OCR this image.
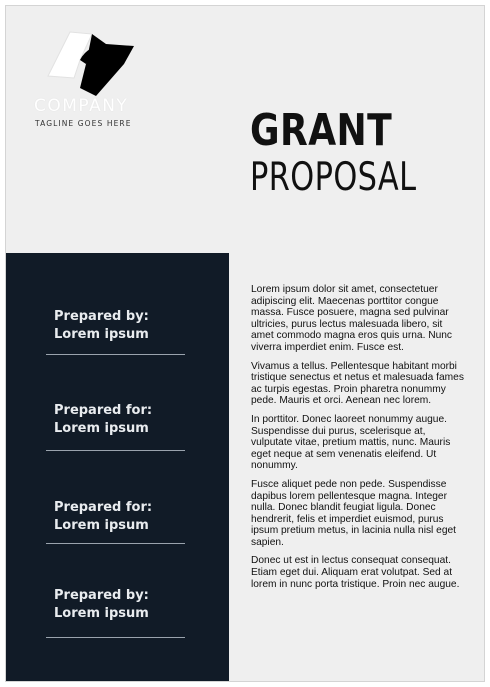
COMPANY
TAGLINE GOES HERE	GRANT
PROPOSAL
Prepared by:
Lorem ipsum
Prepared for:
Lorem ipsum
Prepared for:
Lorem ipsum
Prepared by:
Lorem ipsum

Lorem ipsum dolor sit amet, consectetuer adipiscing elit. Maecenas porttitor congue massa. Fusce posuere, magna sed pulvinar ultricies, purus lectus malesuada libero, sit amet commodo magna eros quis urna. Nunc viverra imperdiet enim. Fusce est.

Vivamus a tellus. Pellentesque habitant morbi tristique senectus et netus et malesuada fames ac turpis egestas. Proin pharetra nonummy pede. Mauris et orci. Aenean nec lorem.

In porttitor. Donec laoreet nonummy augue. Suspendisse dui purus, scelerisque at, vulputate vitae, pretium mattis, nunc. Mauris eget neque at sem venenatis eleifend. Ut nonummy.

Fusce aliquet pede non pede. Suspendisse dapibus lorem pellentesque magna. Integer nulla. Donec blandit feugiat ligula. Donec hendrerit, felis et imperdiet euismod, purus ipsum pretium metus, in lacinia nulla nisl eget sapien.

Donec ut est in lectus consequat consequat. Etiam eget dui. Aliquam erat volutpat. Sed at lorem in nunc porta tristique. Proin nec augue.
